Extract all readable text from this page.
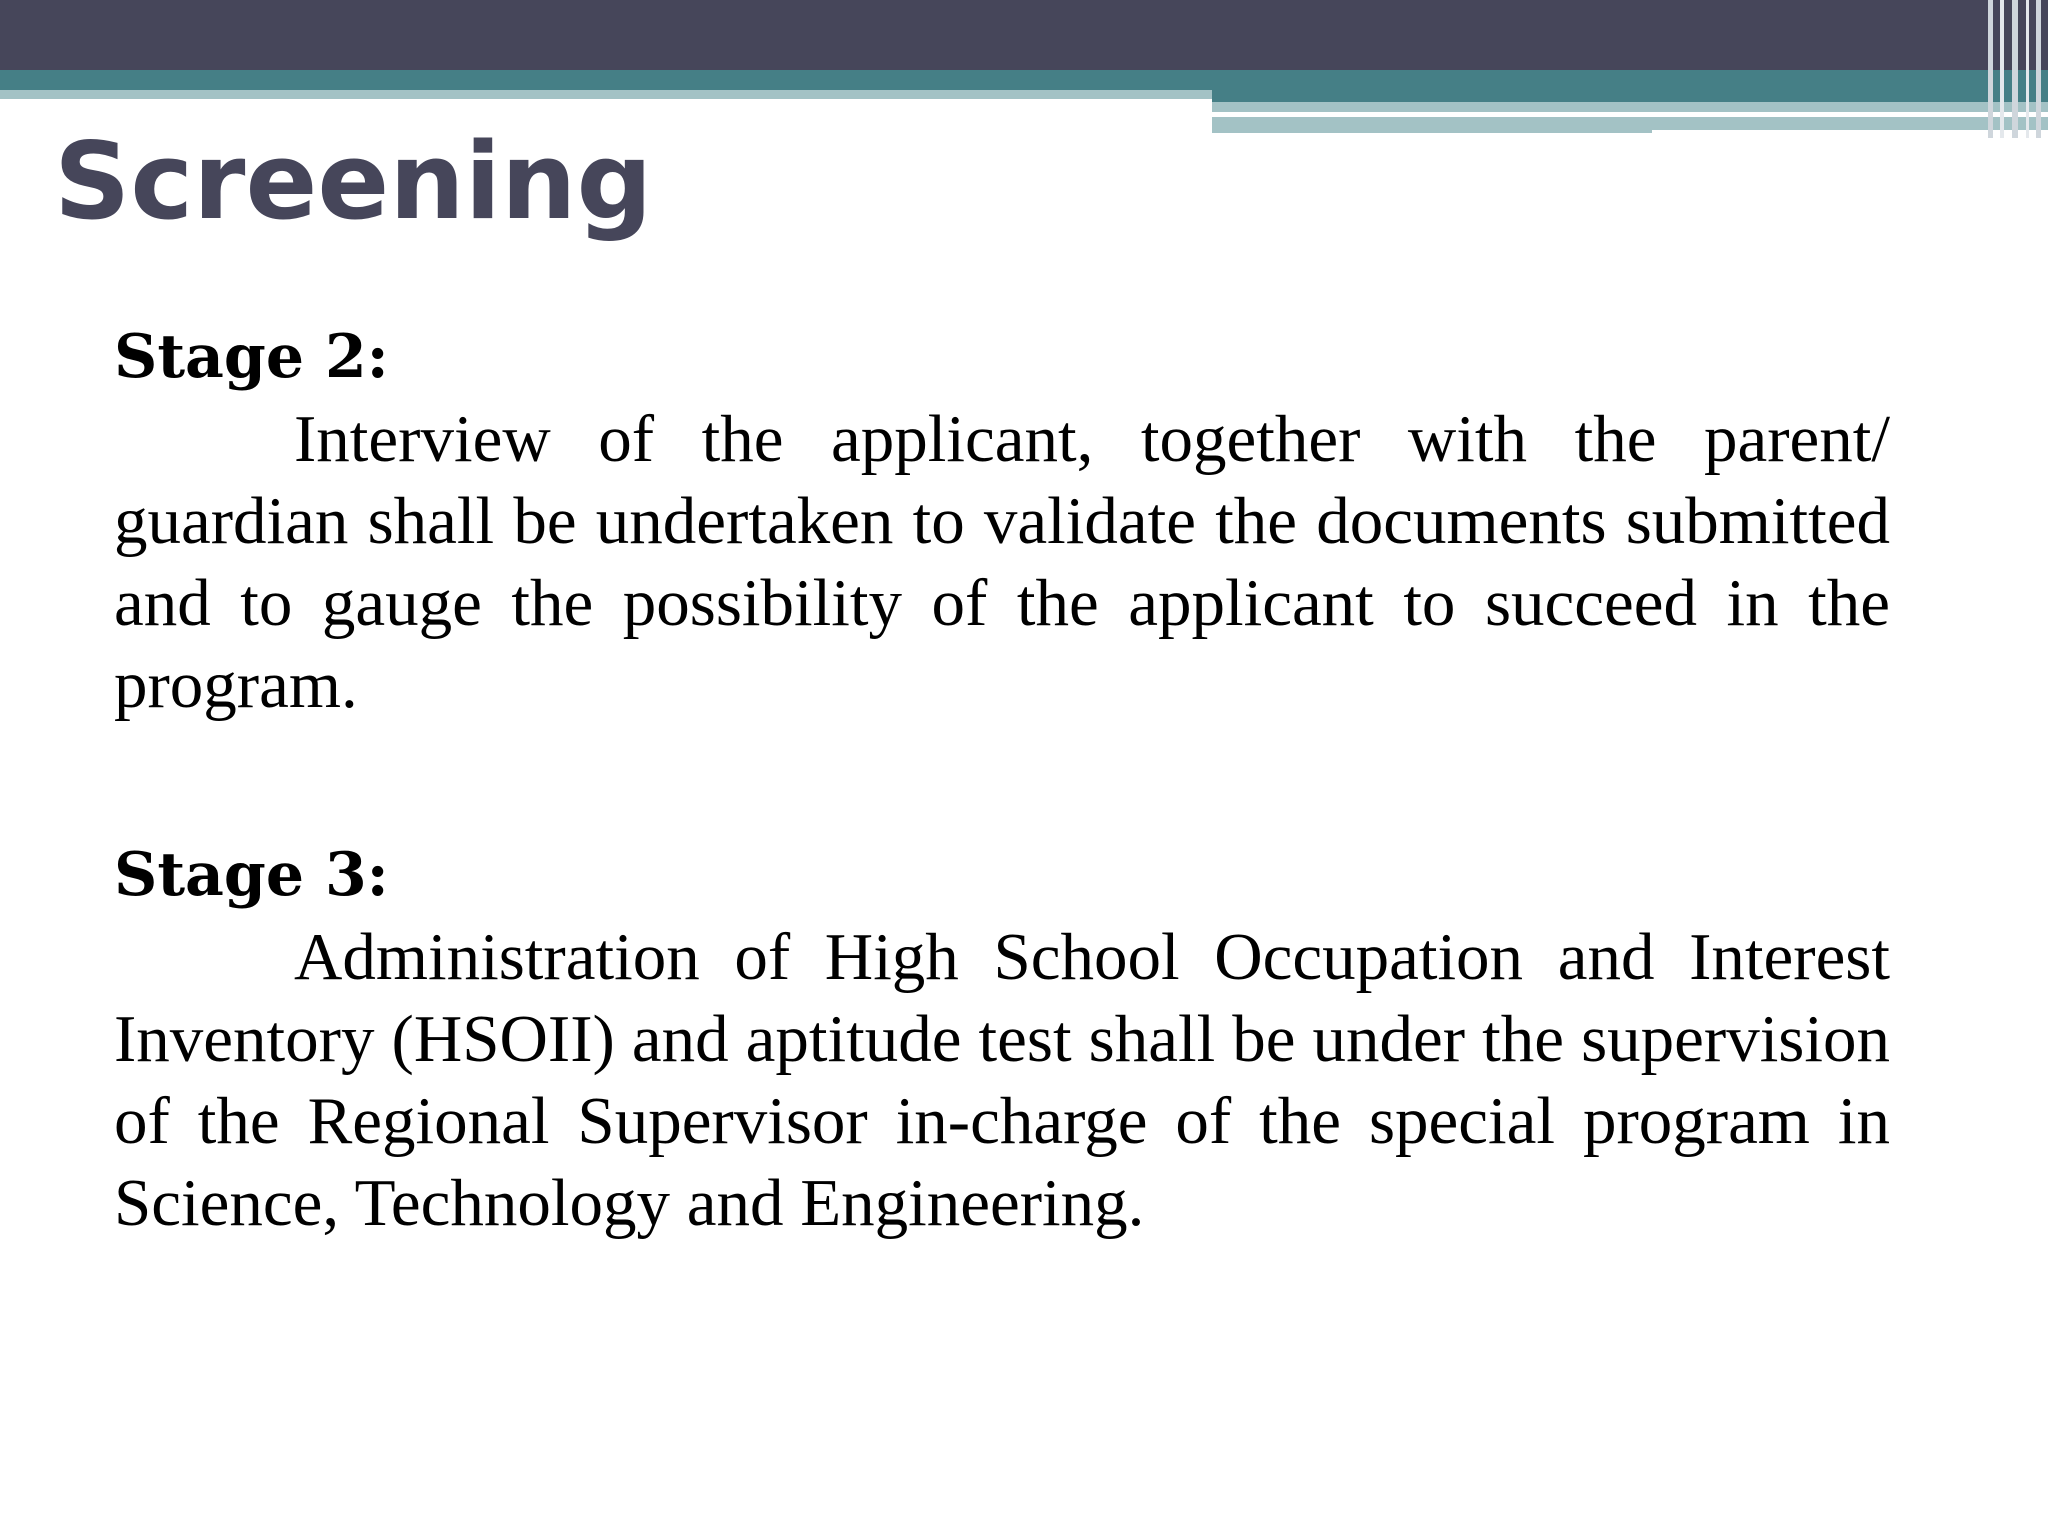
Screening

Stage 2:

Interview of the applicant, together with the parent/ guardian shall be undertaken to validate the documents submitted and to gauge the possibility of the applicant to succeed in the program.

Stage 3:

Administration of High School Occupation and Interest Inventory (HSOII) and aptitude test shall be under the supervision of the Regional Supervisor in-charge of the special program in Science, Technology and Engineering.
